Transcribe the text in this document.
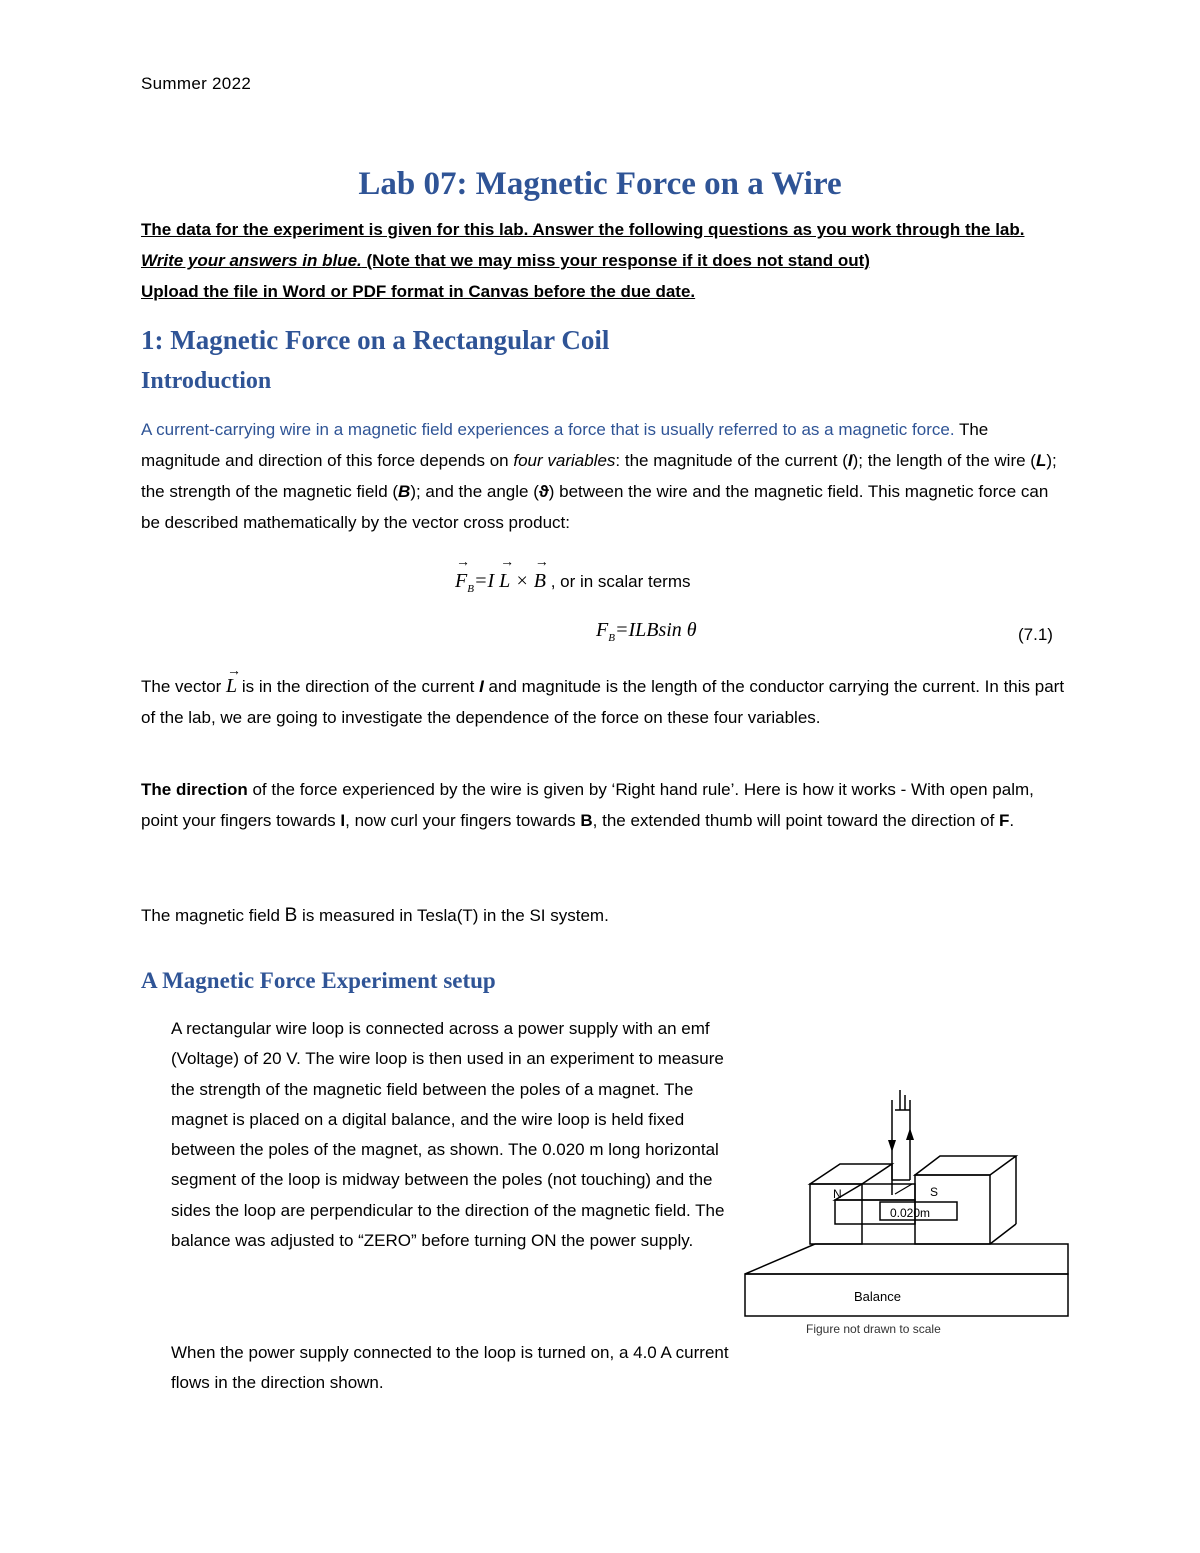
Summer 2022
Lab 07: Magnetic Force on a Wire
The data for the experiment is given for this lab. Answer the following questions as you work through the lab. Write your answers in blue. (Note that we may miss your response if it does not stand out)
Upload the file in Word or PDF format in Canvas before the due date.
1: Magnetic Force on a Rectangular Coil
Introduction
A current-carrying wire in a magnetic field experiences a force that is usually referred to as a magnetic force. The magnitude and direction of this force depends on four variables: the magnitude of the current (I); the length of the wire (L); the strength of the magnetic field (B); and the angle (ϑ) between the wire and the magnetic field. This magnetic force can be described mathematically by the vector cross product:
→ $F_B=I \to L$ × → B , or in scalar terms
$F_B=ILBsin$ θ	(7.1)
The vector → L is in the direction of the current I and magnitude is the length of the conductor carrying the current. In this part of the lab, we are going to investigate the dependence of the force on these four variables.
The direction of the force experienced by the wire is given by ‘Right hand rule’. Here is how it works - With open palm, point your fingers towards I, now curl your fingers towards B, the extended thumb will point toward the direction of F.
The magnetic field B is measured in Tesla(T) in the SI system.
A Magnetic Force Experiment setup
A rectangular wire loop is connected across a power supply with an emf (Voltage) of 20 V. The wire loop is then used in an experiment to measure the strength of the magnetic field between the poles of a magnet. The magnet is placed on a digital balance, and the wire loop is held fixed between the poles of the magnet, as shown. The 0.020 m long horizontal segment of the loop is midway between the poles (not touching) and the sides the loop are perpendicular to the direction of the magnetic field. The balance was adjusted to “ZERO” before turning ON the power supply.
When the power supply connected to the loop is turned on, a 4.0 A current flows in the direction shown.
N	S
0.020m
Balance
Figure not drawn to scale
